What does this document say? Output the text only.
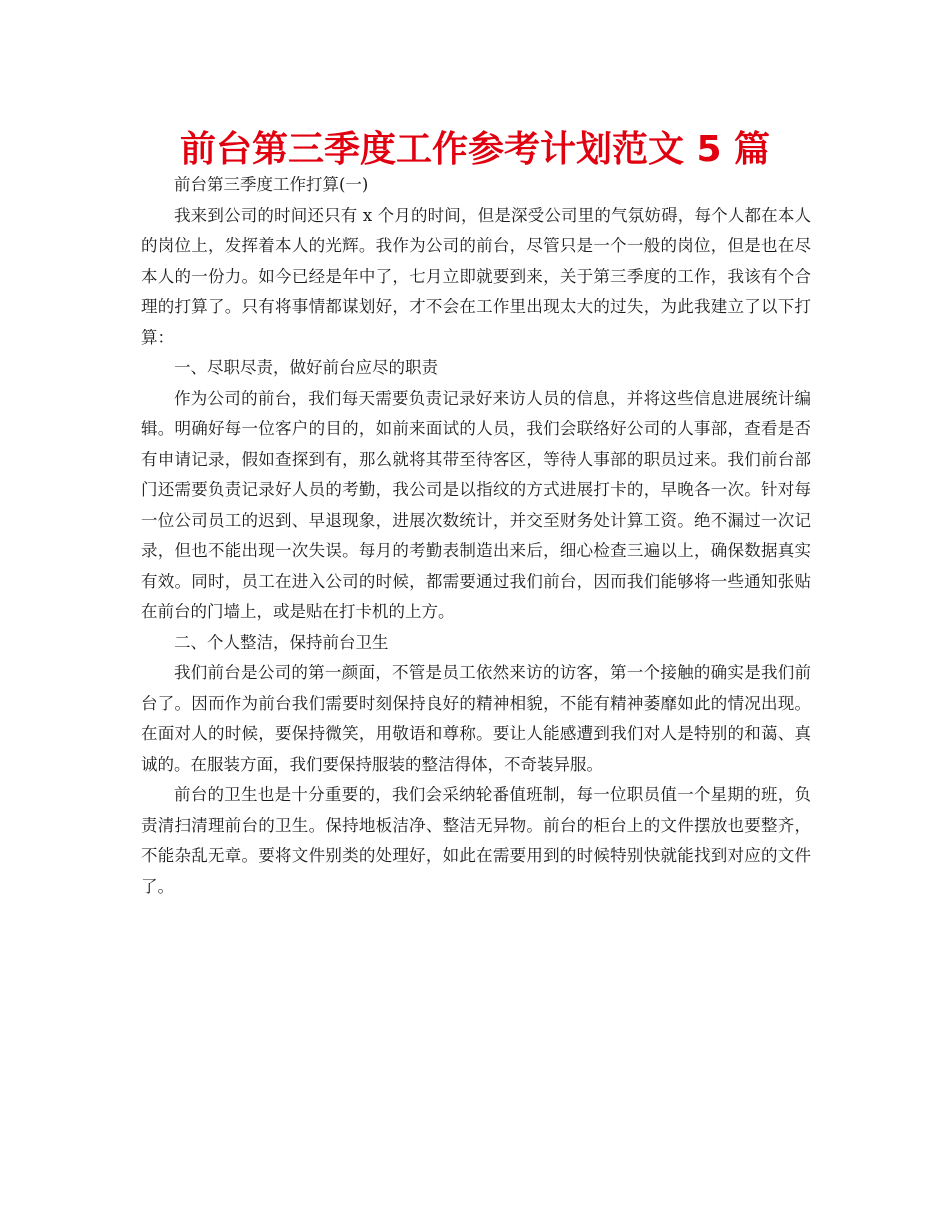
前台第三季度工作参考计划范文 5 篇

前台第三季度工作打算(一)

我来到公司的时间还只有 x 个月的时间，但是深受公司里的气氛妨碍，每个人都在本人的岗位上，发挥着本人的光辉。我作为公司的前台，尽管只是一个一般的岗位，但是也在尽本人的一份力。如今已经是年中了，七月立即就要到来，关于第三季度的工作，我该有个合理的打算了。只有将事情都谋划好，才不会在工作里出现太大的过失，为此我建立了以下打算：

一、尽职尽责，做好前台应尽的职责

作为公司的前台，我们每天需要负责记录好来访人员的信息，并将这些信息进展统计编辑。明确好每一位客户的目的，如前来面试的人员，我们会联络好公司的人事部，查看是否有申请记录，假如查探到有，那么就将其带至待客区，等待人事部的职员过来。我们前台部门还需要负责记录好人员的考勤，我公司是以指纹的方式进展打卡的，早晚各一次。针对每一位公司员工的迟到、早退现象，进展次数统计，并交至财务处计算工资。绝不漏过一次记录，但也不能出现一次失误。每月的考勤表制造出来后，细心检查三遍以上，确保数据真实有效。同时，员工在进入公司的时候，都需要通过我们前台，因而我们能够将一些通知张贴在前台的门墙上，或是贴在打卡机的上方。

二、个人整洁，保持前台卫生

我们前台是公司的第一颜面，不管是员工依然来访的访客，第一个接触的确实是我们前台了。因而作为前台我们需要时刻保持良好的精神相貌，不能有精神萎靡如此的情况出现。在面对人的时候，要保持微笑，用敬语和尊称。要让人能感遭到我们对人是特别的和蔼、真诚的。在服装方面，我们要保持服装的整洁得体，不奇装异服。

前台的卫生也是十分重要的，我们会采纳轮番值班制，每一位职员值一个星期的班，负责清扫清理前台的卫生。保持地板洁净、整洁无异物。前台的柜台上的文件摆放也要整齐，不能杂乱无章。要将文件别类的处理好，如此在需要用到的时候特别快就能找到对应的文件了。
